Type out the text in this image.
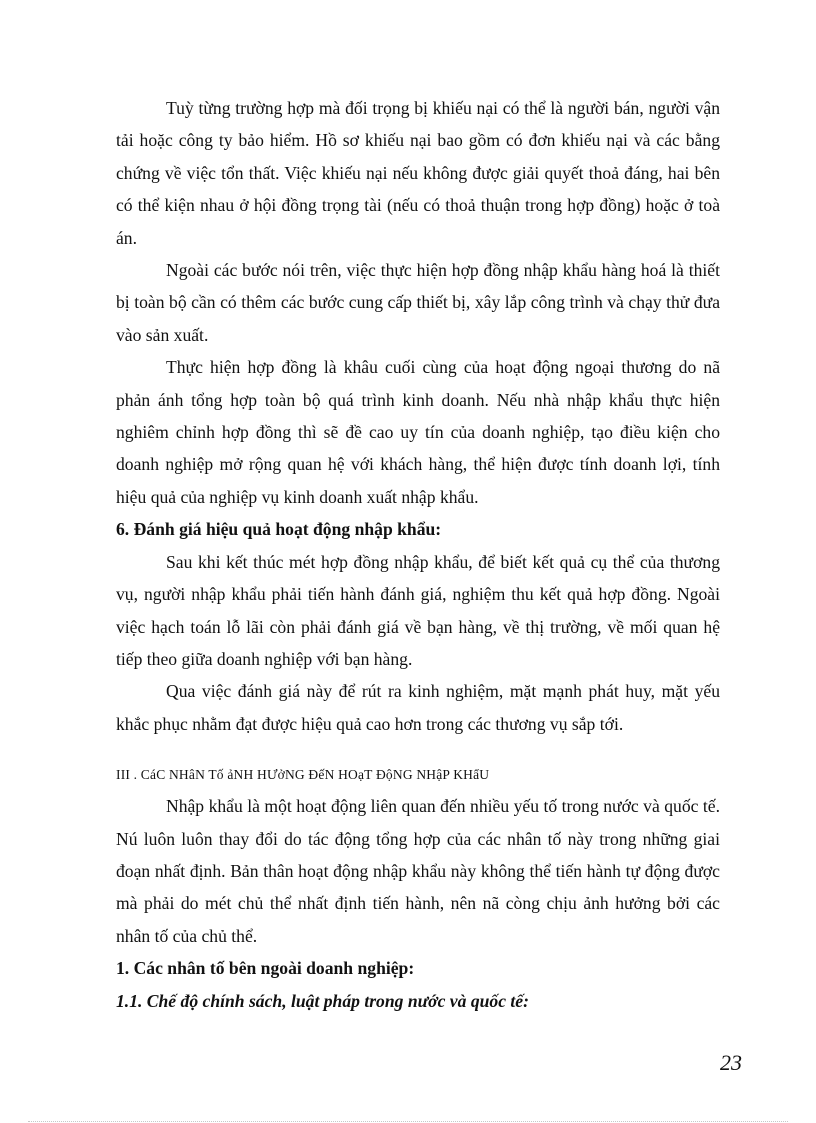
Tuỳ từng trường hợp mà đối trọng bị khiếu nại có thể là người bán, người vận tải hoặc công ty bảo hiểm. Hồ sơ khiếu nại bao gồm có đơn khiếu nại và các bằng chứng về việc tổn thất. Việc khiếu nại nếu không được giải quyết thoả đáng, hai bên có thể kiện nhau ở hội đồng trọng tài (nếu có thoả thuận trong hợp đồng) hoặc ở toà án.

Ngoài các bước nói trên, việc thực hiện hợp đồng nhập khẩu hàng hoá là thiết bị toàn bộ cần có thêm các bước cung cấp thiết bị, xây lắp công trình và chạy thử đưa vào sản xuất.

Thực hiện hợp đồng là khâu cuối cùng của hoạt động ngoại thương do nã phản ánh tổng hợp toàn bộ quá trình kinh doanh. Nếu nhà nhập khẩu thực hiện nghiêm chỉnh hợp đồng thì sẽ đề cao uy tín của doanh nghiệp, tạo điều kiện cho doanh nghiệp mở rộng quan hệ với khách hàng, thể hiện được tính doanh lợi, tính hiệu quả của nghiệp vụ kinh doanh xuất nhập khẩu.

6. Đánh giá hiệu quả hoạt động nhập khẩu:

Sau khi kết thúc mét hợp đồng nhập khẩu, để biết kết quả cụ thể của thương vụ, người nhập khẩu phải tiến hành đánh giá, nghiệm thu kết quả hợp đồng. Ngoài việc hạch toán lỗ lãi còn phải đánh giá về bạn hàng, về thị trường, về mối quan hệ tiếp theo giữa doanh nghiệp với bạn hàng.

Qua việc đánh giá này để rút ra kinh nghiệm, mặt mạnh phát huy, mặt yếu khắc phục nhằm đạt được hiệu quả cao hơn trong các thương vụ sắp tới.

III . CáC NHâN Tố ảNH HƯởNG ĐếN HOạT ĐộNG NHậP KHẩU

Nhập khẩu là một hoạt động liên quan đến nhiều yếu tố trong nước và quốc tế. Nú luôn luôn thay đổi do tác động tổng hợp của các nhân tố này trong những giai đoạn nhất định. Bản thân hoạt động nhập khẩu này không thể tiến hành tự động được mà phải do mét chủ thể nhất định tiến hành, nên nã còng chịu ảnh hưởng bởi các nhân tố của chủ thể.

1. Các nhân tố bên ngoài doanh nghiệp:

1.1. Chế độ chính sách, luật pháp trong nước và quốc tế:

23
